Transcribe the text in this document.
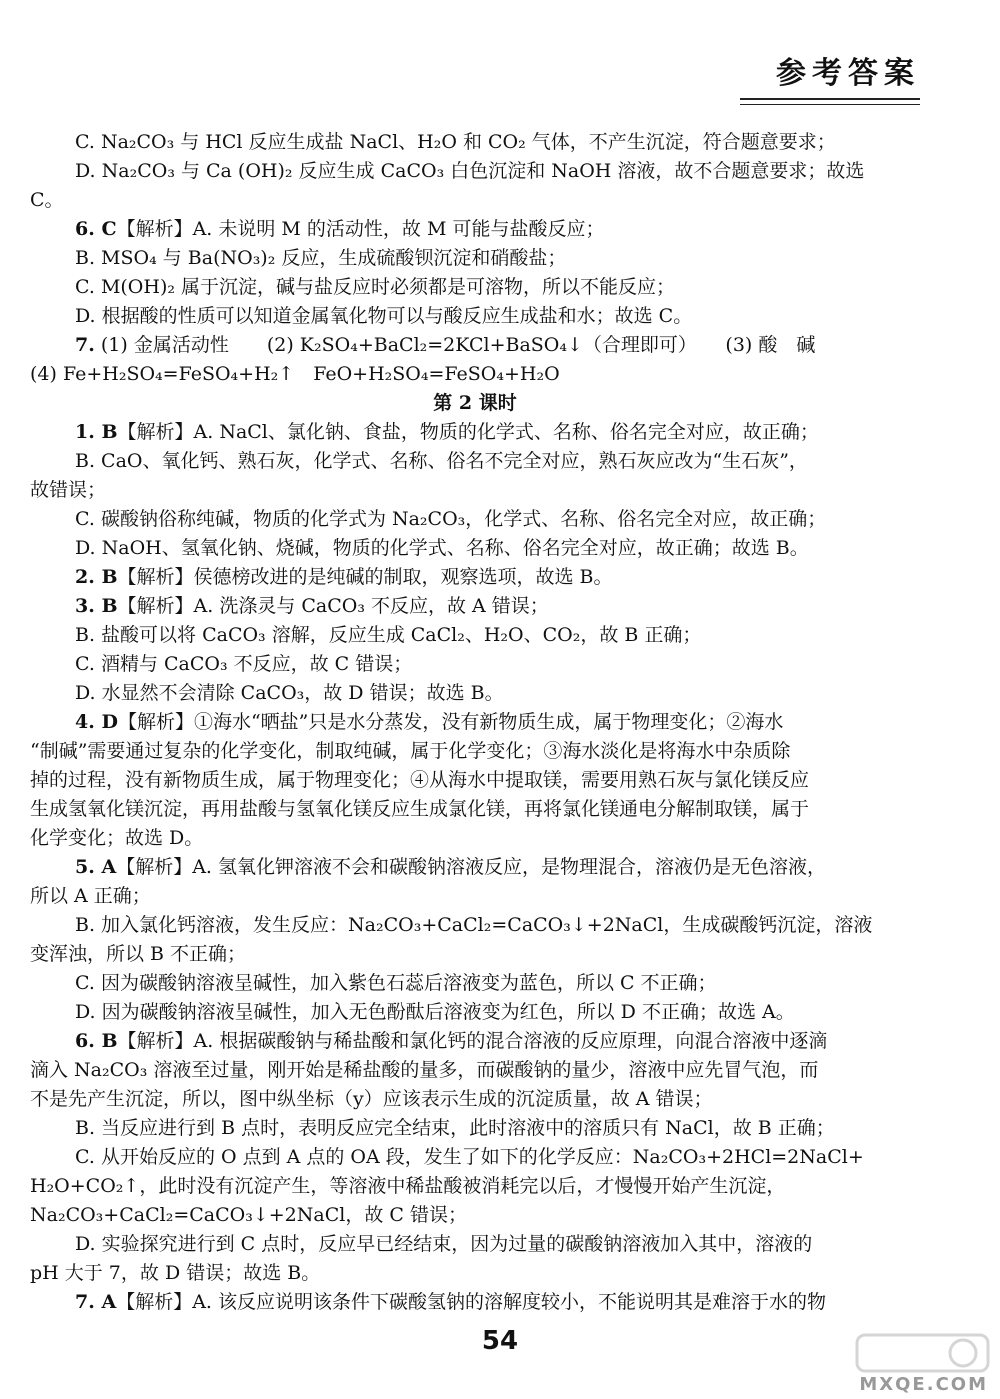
参考答案
C. Na₂CO₃ 与 HCl 反应生成盐 NaCl、H₂O 和 CO₂ 气体，不产生沉淀，符合题意要求；
D. Na₂CO₃ 与 Ca (OH)₂ 反应生成 CaCO₃ 白色沉淀和 NaOH 溶液，故不合题意要求；故选
C。
6. C【解析】A. 未说明 M 的活动性，故 M 可能与盐酸反应；
B. MSO₄ 与 Ba(NO₃)₂ 反应，生成硫酸钡沉淀和硝酸盐；
C. M(OH)₂ 属于沉淀，碱与盐反应时必须都是可溶物，所以不能反应；
D. 根据酸的性质可以知道金属氧化物可以与酸反应生成盐和水；故选 C。
7. (1) 金属活动性　　(2) K₂SO₄+BaCl₂=2KCl+BaSO₄↓（合理即可）　　(3) 酸　碱
(4) Fe+H₂SO₄=FeSO₄+H₂↑　FeO+H₂SO₄=FeSO₄+H₂O
第 2 课时
1. B【解析】A. NaCl、氯化钠、食盐，物质的化学式、名称、俗名完全对应，故正确；
B. CaO、氧化钙、熟石灰，化学式、名称、俗名不完全对应，熟石灰应改为“生石灰”，
故错误；
C. 碳酸钠俗称纯碱，物质的化学式为 Na₂CO₃，化学式、名称、俗名完全对应，故正确；
D. NaOH、氢氧化钠、烧碱，物质的化学式、名称、俗名完全对应，故正确；故选 B。
2. B【解析】侯德榜改进的是纯碱的制取，观察选项，故选 B。
3. B【解析】A. 洗涤灵与 CaCO₃ 不反应，故 A 错误；
B. 盐酸可以将 CaCO₃ 溶解，反应生成 CaCl₂、H₂O、CO₂，故 B 正确；
C. 酒精与 CaCO₃ 不反应，故 C 错误；
D. 水显然不会清除 CaCO₃，故 D 错误；故选 B。
4. D【解析】①海水“晒盐”只是水分蒸发，没有新物质生成，属于物理变化；②海水
“制碱”需要通过复杂的化学变化，制取纯碱，属于化学变化；③海水淡化是将海水中杂质除
掉的过程，没有新物质生成，属于物理变化；④从海水中提取镁，需要用熟石灰与氯化镁反应
生成氢氧化镁沉淀，再用盐酸与氢氧化镁反应生成氯化镁，再将氯化镁通电分解制取镁，属于
化学变化；故选 D。
5. A【解析】A. 氢氧化钾溶液不会和碳酸钠溶液反应，是物理混合，溶液仍是无色溶液，
所以 A 正确；
B. 加入氯化钙溶液，发生反应：Na₂CO₃+CaCl₂=CaCO₃↓+2NaCl，生成碳酸钙沉淀，溶液
变浑浊，所以 B 不正确；
C. 因为碳酸钠溶液呈碱性，加入紫色石蕊后溶液变为蓝色，所以 C 不正确；
D. 因为碳酸钠溶液呈碱性，加入无色酚酞后溶液变为红色，所以 D 不正确；故选 A。
6. B【解析】A. 根据碳酸钠与稀盐酸和氯化钙的混合溶液的反应原理，向混合溶液中逐滴
滴入 Na₂CO₃ 溶液至过量，刚开始是稀盐酸的量多，而碳酸钠的量少，溶液中应先冒气泡，而
不是先产生沉淀，所以，图中纵坐标（y）应该表示生成的沉淀质量，故 A 错误；
B. 当反应进行到 B 点时，表明反应完全结束，此时溶液中的溶质只有 NaCl，故 B 正确；
C. 从开始反应的 O 点到 A 点的 OA 段，发生了如下的化学反应：Na₂CO₃+2HCl=2NaCl+
H₂O+CO₂↑，此时没有沉淀产生，等溶液中稀盐酸被消耗完以后，才慢慢开始产生沉淀，
Na₂CO₃+CaCl₂=CaCO₃↓+2NaCl，故 C 错误；
D. 实验探究进行到 C 点时，反应早已经结束，因为过量的碳酸钠溶液加入其中，溶液的
pH 大于 7，故 D 错误；故选 B。
7. A【解析】A. 该反应说明该条件下碳酸氢钠的溶解度较小，不能说明其是难溶于水的物
54
MXQE.COM
